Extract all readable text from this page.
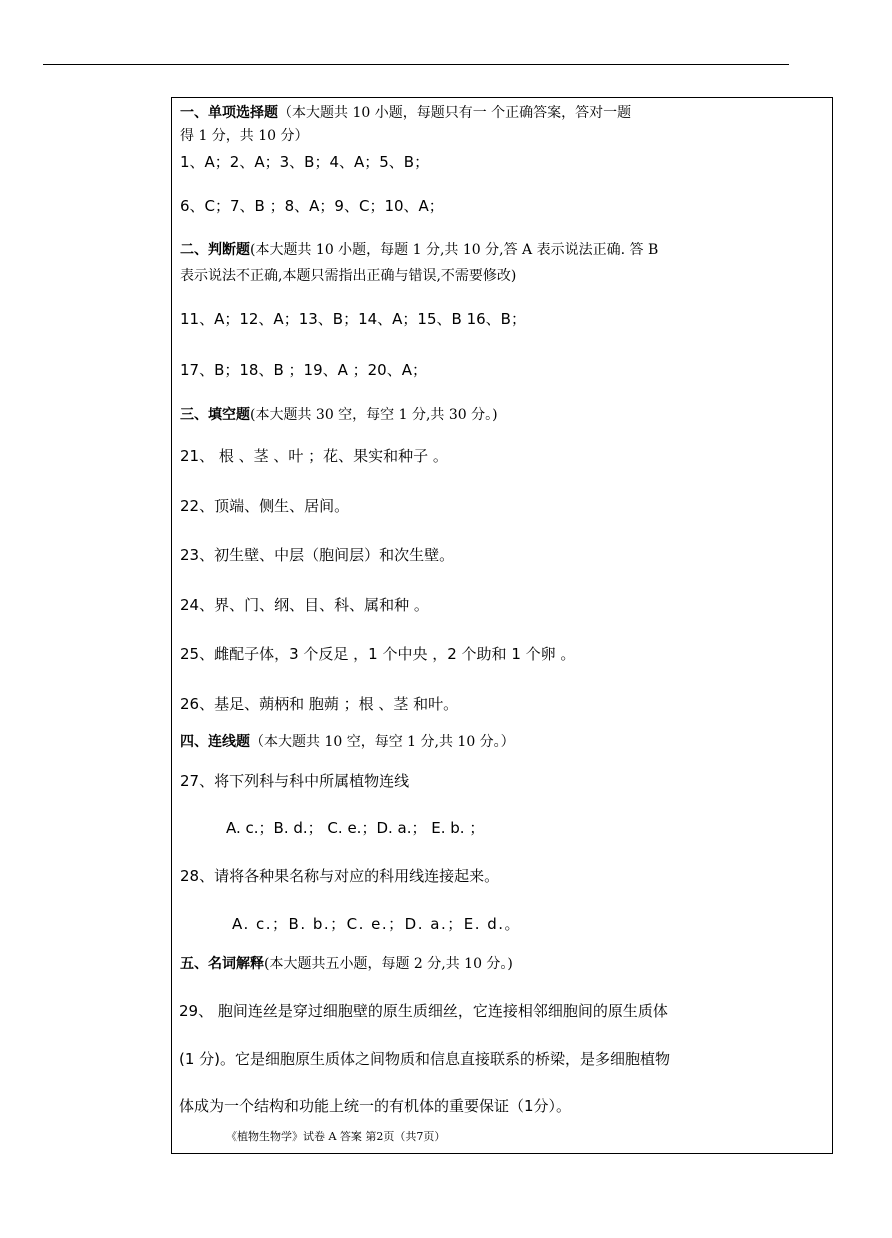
一、单项选择题（本大题共 10 小题，每题只有一 个正确答案，答对一题
得 1 分，共 10 分）
1、A；2、A；3、B；4、A；5、B；
6、C；7、B ；8、A；9、C；10、A；
二、判断题(本大题共 10 小题，每题 1 分,共 10 分,答 A 表示说法正确. 答 B
表示说法不正确,本题只需指出正确与错误,不需要修改)
11、A；12、A；13、B；14、A；15、B 16、B；
17、B；18、B ；19、A ；20、A；
三、填空题(本大题共 30 空，每空 1 分,共 30 分。)
21、 根 、茎 、叶 ；花、果实和种子 。
22、顶端、侧生、居间。
23、初生壁、中层（胞间层）和次生壁。
24、界、门、纲、目、科、属和种 。
25、雌配子体，3 个反足 ，1 个中央 ，2 个助和 1 个卵 。
26、基足、蒴柄和 胞蒴 ；根 、茎 和叶。
四、连线题（本大题共 10 空，每空 1 分,共 10 分。）
27、将下列科与科中所属植物连线
A. c.；B. d.； C. e.；D. a.； E. b. ；
28、请将各种果名称与对应的科用线连接起来。
A. c.；B. b.；C. e.；D. a.；E. d.。
五、名词解释(本大题共五小题，每题 2 分,共 10 分。)
29、 胞间连丝是穿过细胞壁的原生质细丝，它连接相邻细胞间的原生质体
(1 分)。它是细胞原生质体之间物质和信息直接联系的桥梁，是多细胞植物
体成为一个结构和功能上统一的有机体的重要保证（1分）。
《植物生物学》试卷 A 答案 第2页（共7页）
